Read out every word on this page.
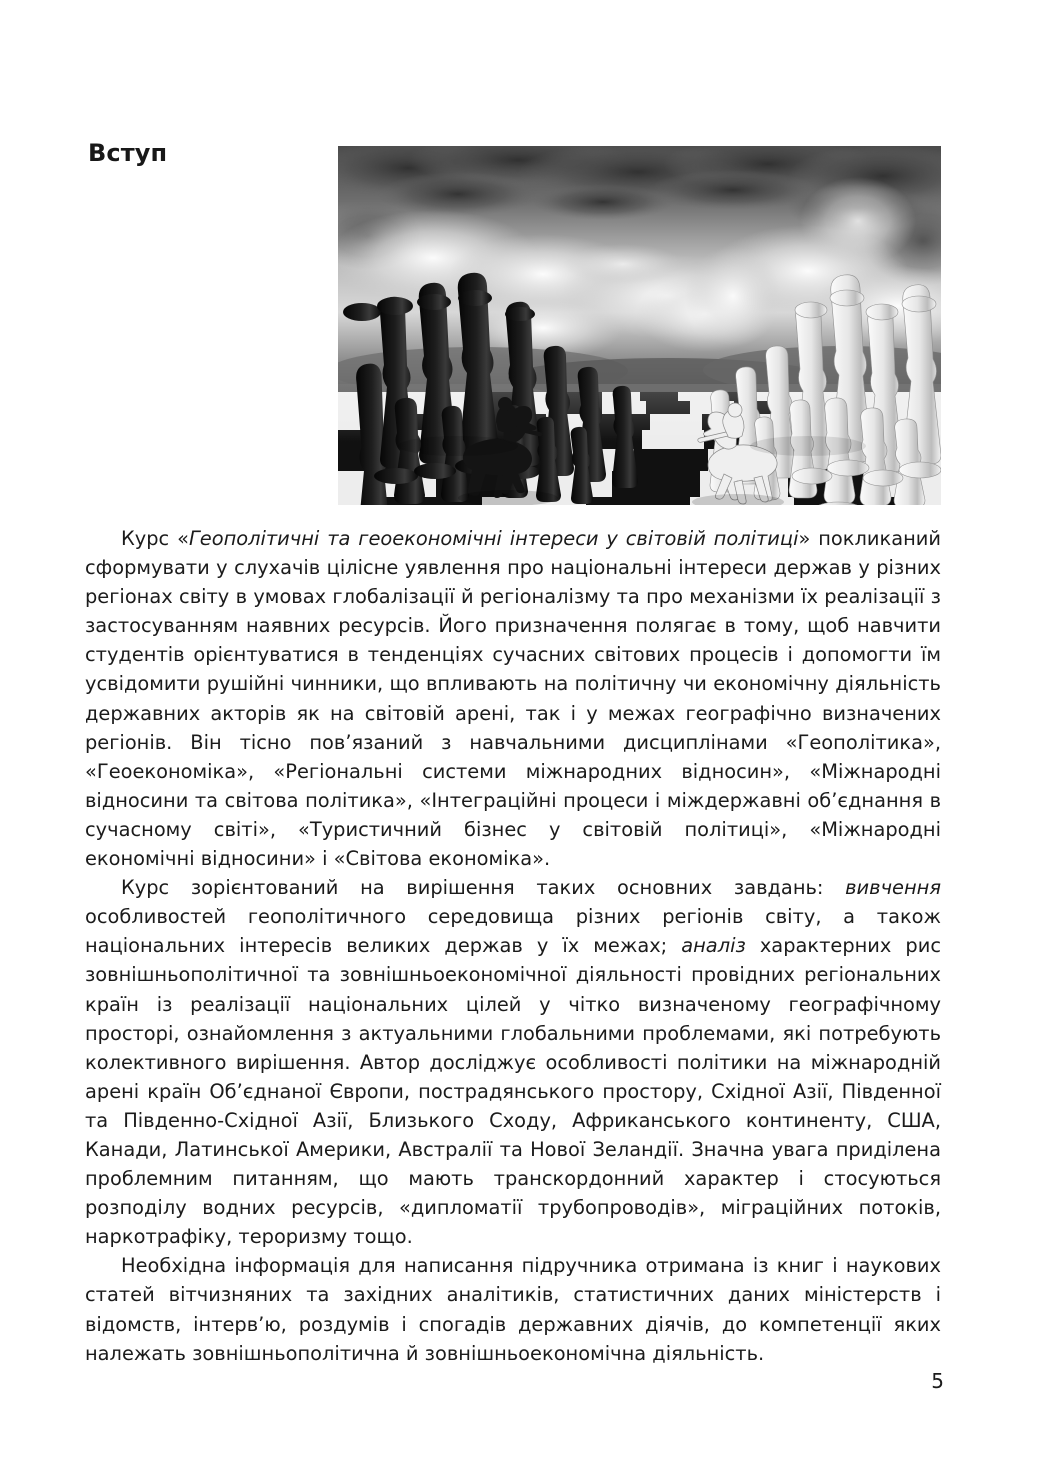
Вступ

Курс «Геополітичні та геоекономічні інтереси у світовій політиці» покликаний сформувати у слухачів цілісне уявлення про національні інтереси держав у різних регіонах світу в умовах глобалізації й регіоналізму та про механізми їх реалізації з застосуванням наявних ресурсів. Його призначення полягає в тому, щоб навчити студентів орієнтуватися в тенденціях сучасних світових процесів і допомогти їм усвідомити рушійні чинники, що впливають на політичну чи економічну діяльність державних акторів як на світовій арені, так і у межах географічно визначених регіонів. Він тісно пов’язаний з навчальними дисциплінами «Геополітика», «Геоекономіка», «Регіональні системи міжнародних відносин», «Міжнародні відносини та світова політика», «Інтеграційні процеси і міждержавні об’єднання в сучасному світі», «Туристичний бізнес у світовій політиці», «Міжнародні економічні відносини» і «Світова економіка».

Курс зорієнтований на вирішення таких основних завдань: вивчення особливостей геополітичного середовища різних регіонів світу, а також національних інтересів великих держав у їх межах; аналіз характерних рис зовнішньополітичної та зовнішньоекономічної діяльності провідних регіональних країн із реалізації національних цілей у чітко визначеному географічному просторі, ознайомлення з актуальними глобальними проблемами, які потребують колективного вирішення. Автор досліджує особливості політики на міжнародній арені країн Об’єднаної Європи, пострадянського простору, Східної Азії, Південної та Південно-Східної Азії, Близького Сходу, Африканського континенту, США, Канади, Латинської Америки, Австралії та Нової Зеландії. Значна увага приділена проблемним питанням, що мають транскордонний характер і стосуються розподілу водних ресурсів, «дипломатії трубопроводів», міграційних потоків, наркотрафіку, тероризму тощо.

Необхідна інформація для написання підручника отримана із книг і наукових статей вітчизняних та західних аналітиків, статистичних даних міністерств і відомств, інтерв’ю, роздумів і спогадів державних діячів, до компетенції яких належать зовнішньополітична й зовнішньоекономічна діяльність.

5
